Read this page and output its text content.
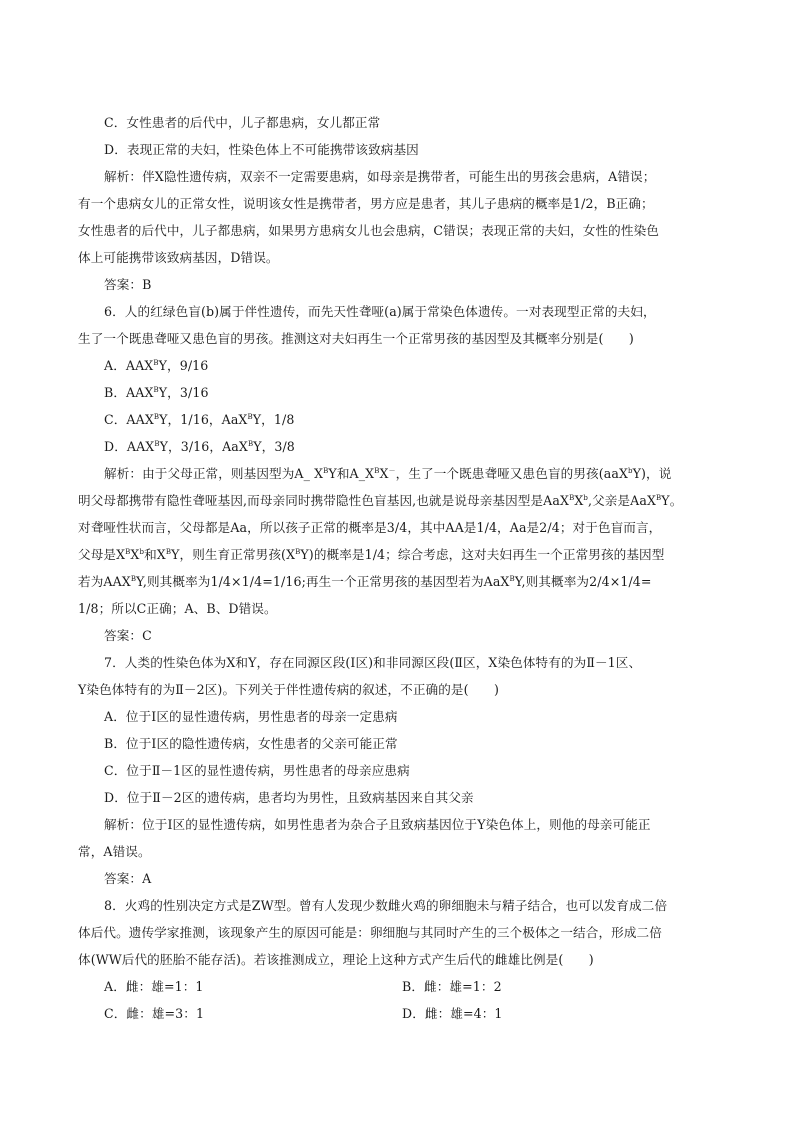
C．女性患者的后代中，儿子都患病，女儿都正常
D．表现正常的夫妇，性染色体上不可能携带该致病基因
解析：伴X隐性遗传病，双亲不一定需要患病，如母亲是携带者，可能生出的男孩会患病，A错误；
有一个患病女儿的正常女性，说明该女性是携带者，男方应是患者，其儿子患病的概率是1/2，B正确；
女性患者的后代中，儿子都患病，如果男方患病女儿也会患病，C错误；表现正常的夫妇，女性的性染色
体上可能携带该致病基因，D错误。
答案：B
6．人的红绿色盲(b)属于伴性遗传，而先天性聋哑(a)属于常染色体遗传。一对表现型正常的夫妇，
生了一个既患聋哑又患色盲的男孩。推测这对夫妇再生一个正常男孩的基因型及其概率分别是(　　)
A．$AAX^BY$，9/16
B．$AAX^BY$，3/16
C．$AAX^BY$，1/16，AaX$^B$Y，1/8
D．$AAX^BY$，3/16，AaX$^B$Y，3/8
解析：由于父母正常，则基因型为A_ $X^BY$和$A\_X^BX^-$，生了一个既患聋哑又患色盲的男孩(aaX$^b$Y)，说
明父母都携带有隐性聋哑基因,而母亲同时携带隐性色盲基因,也就是说母亲基因型是$AaX^BX^b$,父亲是AaX$^B$Y。
对聋哑性状而言，父母都是Aa，所以孩子正常的概率是3/4，其中AA是1/4，Aa是2/4；对于色盲而言，
父母是$X^BX^b$和$X^BY$，则生育正常男孩$(X^BY)$的概率是1/4；综合考虑，这对夫妇再生一个正常男孩的基因型
若为$AAX^BY$,则其概率为1/4×1/4=1/16;再生一个正常男孩的基因型若为AaX$^B$Y,则其概率为2/4×1/4=
1/8；所以C正确；A、B、D错误。
答案：C
7．人类的性染色体为X和Y，存在同源区段(Ⅰ区)和非同源区段(Ⅱ区，X染色体特有的为Ⅱ－1区、
Y染色体特有的为Ⅱ－2区)。下列关于伴性遗传病的叙述，不正确的是(　　)
A．位于Ⅰ区的显性遗传病，男性患者的母亲一定患病
B．位于Ⅰ区的隐性遗传病，女性患者的父亲可能正常
C．位于Ⅱ－1区的显性遗传病，男性患者的母亲应患病
D．位于Ⅱ－2区的遗传病，患者均为男性，且致病基因来自其父亲
解析：位于Ⅰ区的显性遗传病，如男性患者为杂合子且致病基因位于Y染色体上，则他的母亲可能正
常，A错误。
答案：A
8．火鸡的性别决定方式是ZW型。曾有人发现少数雌火鸡的卵细胞未与精子结合，也可以发育成二倍
体后代。遗传学家推测，该现象产生的原因可能是：卵细胞与其同时产生的三个极体之一结合，形成二倍
体(WW后代的胚胎不能存活)。若该推测成立，理论上这种方式产生后代的雌雄比例是(　　)
A．雌：雄=1：1	B．雌：雄=1：2
C．雌：雄=3：1	D．雌：雄=4：1
